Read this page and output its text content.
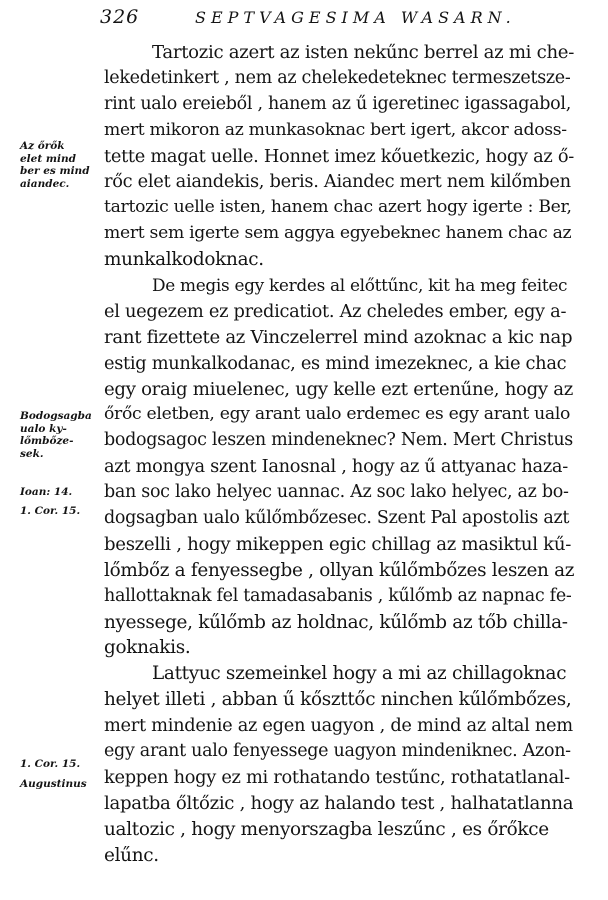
326	SEPTVAGESIMA WASARN.
Az őrők
elet mind
ber es mind
aiandec.
Bodogsagba
ualo ky-
lőmbőze-
sek.
Ioan: 14.
1. Cor. 15.
1. Cor. 15.
Augustinus
Tartozic azert az isten nekűnc berrel az mi che-
lekedetinkert , nem az chelekedeteknec termeszetsze-
rint ualo ereieből , hanem az ű igeretinec igassagabol,
mert mikoron az munkasoknac bert igert, akcor adoss-
tette magat uelle. Honnet imez kőuetkezic, hogy az ő-
rőc elet aiandekis, beris. Aiandec mert nem kilőmben
tartozic uelle isten, hanem chac azert hogy igerte : Ber,
mert sem igerte sem aggya egyebeknec hanem chac az
munkalkodoknac.
De megis egy kerdes al előttűnc, kit ha meg feitec
el uegezem ez predicatiot. Az cheledes ember, egy a-
rant fizettete az Vinczelerrel mind azoknac a kic nap
estig munkalkodanac, es mind imezeknec, a kie chac
egy oraig miuelenec, ugy kelle ezt ertenűne, hogy az
őrőc eletben, egy arant ualo erdemec es egy arant ualo
bodogsagoc leszen mindeneknec? Nem. Mert Christus
azt mongya szent Ianosnal , hogy az ű attyanac haza-
ban soc lako helyec uannac. Az soc lako helyec, az bo-
dogsagban ualo kűlőmbőzesec. Szent Pal apostolis azt
beszelli , hogy mikeppen egic chillag az masiktul kű-
lőmbőz a fenyessegbe , ollyan kűlőmbőzes leszen az
hallottaknak fel tamadasabanis , kűlőmb az napnac fe-
nyessege, kűlőmb az holdnac, kűlőmb az tőb chilla-
goknakis.
Lattyuc szemeinkel hogy a mi az chillagoknac
helyet illeti , abban ű kőszttőc ninchen kűlőmbőzes,
mert mindenie az egen uagyon , de mind az altal nem
egy arant ualo fenyessege uagyon mindeniknec. Azon-
keppen hogy ez mi rothatando testűnc, rothatatlanal-
lapatba őltőzic , hogy az halando test , halhatatlanna
ualtozic , hogy menyorszagba leszűnc , es őrőkce
elűnc.
